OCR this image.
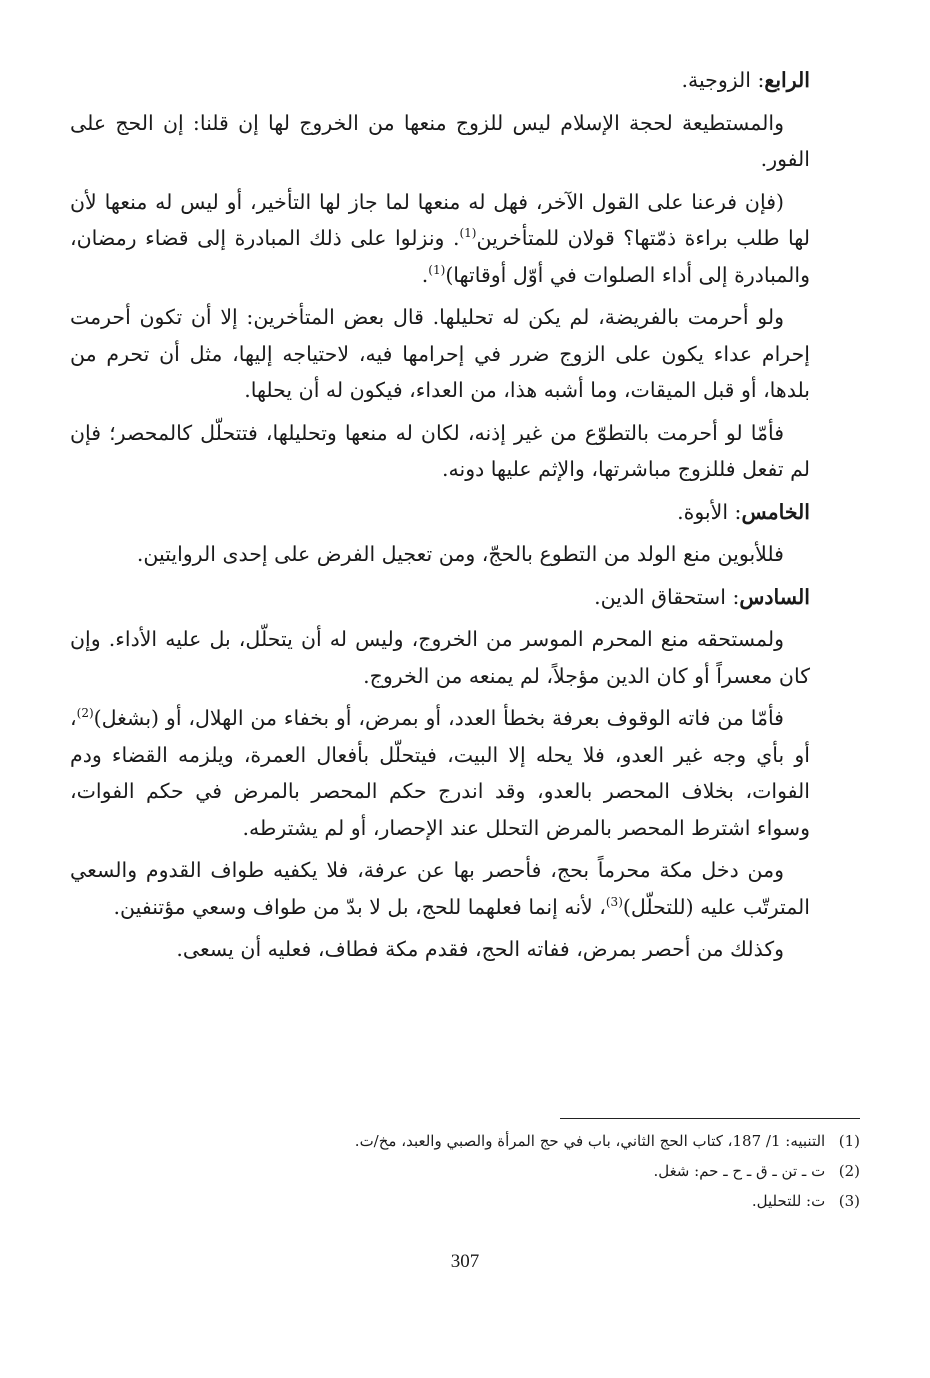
الرابع: الزوجية.

والمستطيعة لحجة الإسلام ليس للزوج منعها من الخروج لها إن قلنا: إن الحج على الفور.

(فإن فرعنا على القول الآخر، فهل له منعها لما جاز لها التأخير، أو ليس له منعها لأن لها طلب براءة ذمّتها؟ قولان للمتأخرين$^{(1)}$. ونزلوا على ذلك المبادرة إلى قضاء رمضان، والمبادرة إلى أداء الصلوات في أوّل أوقاتها)$^{(1)}$.

ولو أحرمت بالفريضة، لم يكن له تحليلها. قال بعض المتأخرين: إلا أن تكون أحرمت إحرام عداء يكون على الزوج ضرر في إحرامها فيه، لاحتياجه إليها، مثل أن تحرم من بلدها، أو قبل الميقات، وما أشبه هذا، من العداء، فيكون له أن يحلها.

فأمّا لو أحرمت بالتطوّع من غير إذنه، لكان له منعها وتحليلها، فتتحلّل كالمحصر؛ فإن لم تفعل فللزوج مباشرتها، والإثم عليها دونه.

الخامس: الأبوة.

فللأبوين منع الولد من التطوع بالحجّ، ومن تعجيل الفرض على إحدى الروايتين.

السادس: استحقاق الدين.

ولمستحقه منع المحرم الموسر من الخروج، وليس له أن يتحلّل، بل عليه الأداء. وإن كان معسراً أو كان الدين مؤجلاً، لم يمنعه من الخروج.

فأمّا من فاته الوقوف بعرفة بخطأ العدد، أو بمرض، أو بخفاء من الهلال، أو (بشغل)$^{(2)}$، أو بأي وجه غير العدو، فلا يحله إلا البيت، فيتحلّل بأفعال العمرة، ويلزمه القضاء ودم الفوات، بخلاف المحصر بالعدو، وقد اندرج حكم المحصر بالمرض في حكم الفوات، وسواء اشترط المحصر بالمرض التحلل عند الإحصار، أو لم يشترطه.

ومن دخل مكة محرماً بحج، فأحصر بها عن عرفة، فلا يكفيه طواف القدوم والسعي المترتّب عليه (للتحلّل)$^{(3)}$، لأنه إنما فعلهما للحج، بل لا بدّ من طواف وسعي مؤتنفين.

وكذلك من أحصر بمرض، ففاته الحج، فقدم مكة فطاف، فعليه أن يسعى.

(1) التنبيه: 1/ 187، كتاب الحج الثاني، باب في حج المرأة والصبي والعبد، مخ/ت.

(2) ت ـ تن ـ ق ـ ح ـ حم: شغل.

(3) ت: للتحليل.

307
